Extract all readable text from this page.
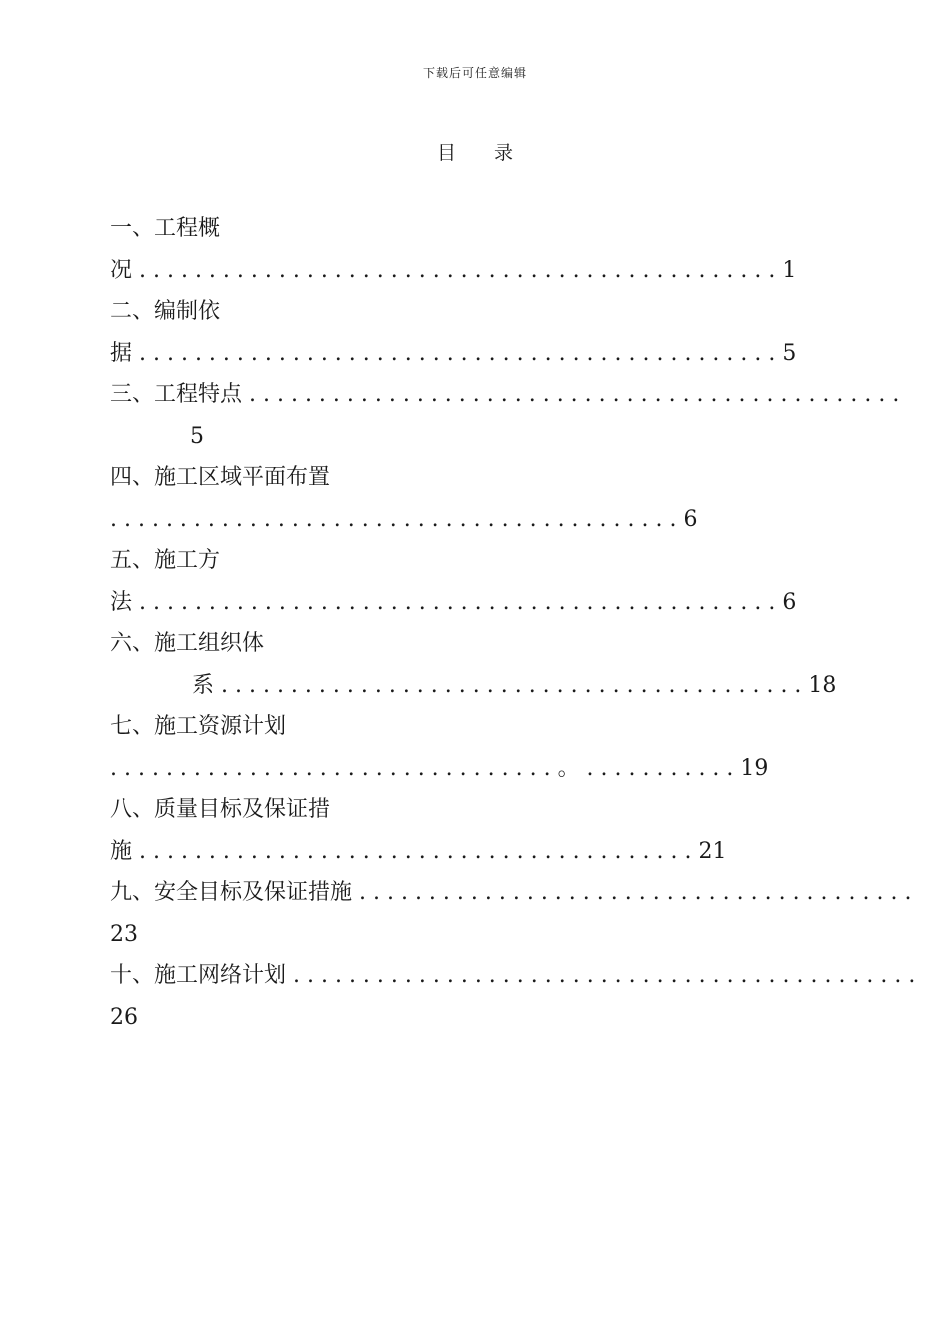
下载后可任意编辑
目 录
一、工程概
况 . . . . . . . . . . . . . . . . . . . . . . . . . . . . . . . . . . . . . . . . . . . . . . 1
二、编制依
据 . . . . . . . . . . . . . . . . . . . . . . . . . . . . . . . . . . . . . . . . . . . . . . 5
三、工程特点 . . . . . . . . . . . . . . . . . . . . . . . . . . . . . . . . . . . . . . . . . . . . . . .
5
四、施工区域平面布置
. . . . . . . . . . . . . . . . . . . . . . . . . . . . . . . . . . . . . . . . . 6
五、施工方
法 . . . . . . . . . . . . . . . . . . . . . . . . . . . . . . . . . . . . . . . . . . . . . . 6
六、施工组织体
系 . . . . . . . . . . . . . . . . . . . . . . . . . . . . . . . . . . . . . . . . . . 18
七、施工资源计划
. . . . . . . . . . . . . . . . . . . . . . . . . . . . . . . . 。 . . . . . . . . . . . 19
八、质量目标及保证措
施 . . . . . . . . . . . . . . . . . . . . . . . . . . . . . . . . . . . . . . . . 21
九、安全目标及保证措施 . . . . . . . . . . . . . . . . . . . . . . . . . . . . . . . . . . . . . . . .
23
十、施工网络计划 . . . . . . . . . . . . . . . . . . . . . . . . . . . . . . . . . . . . . . . . . . . . .
26
